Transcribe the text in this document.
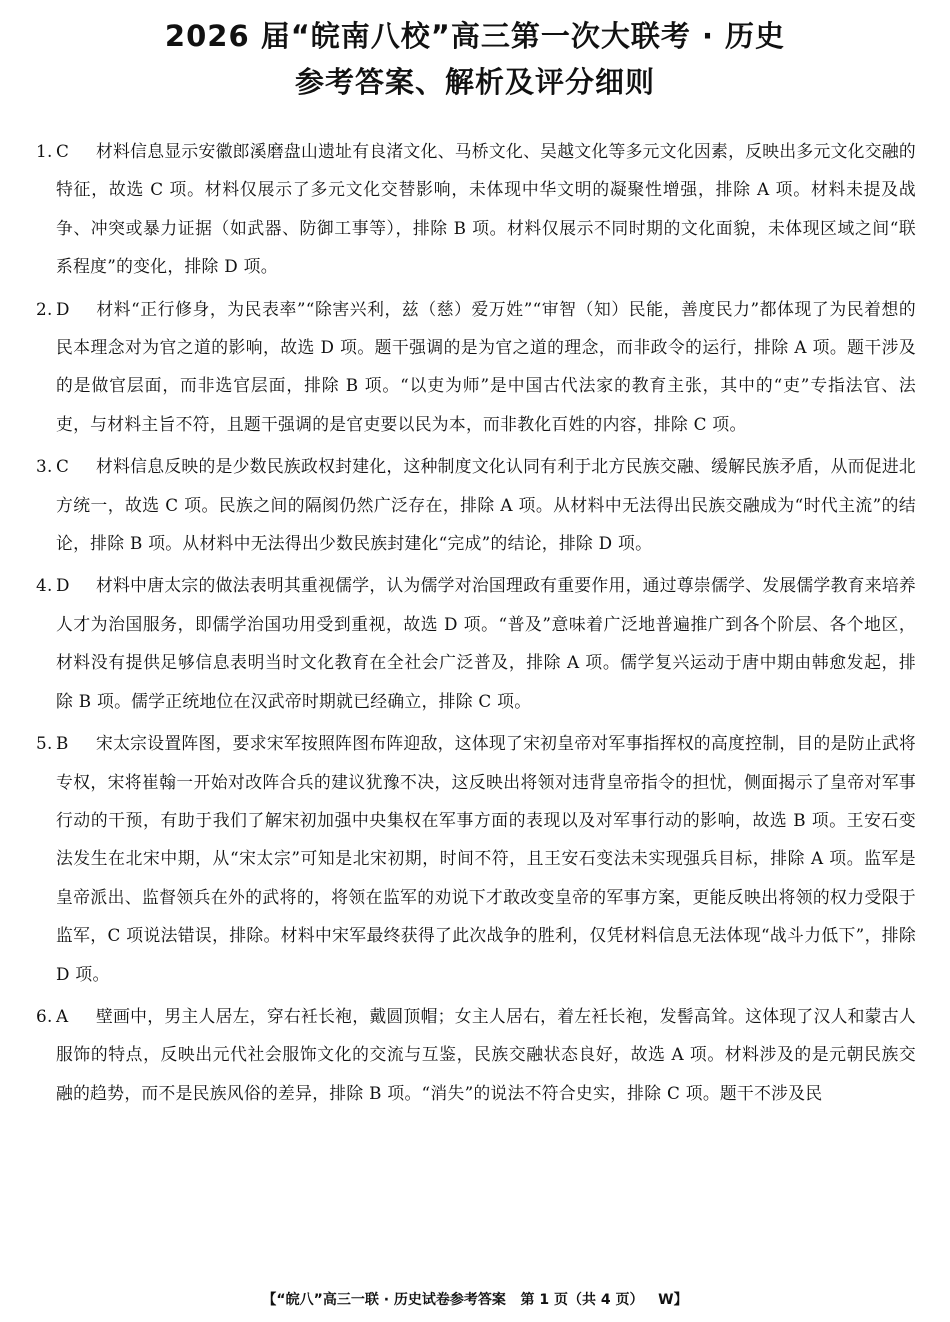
2026 届“皖南八校”高三第一次大联考 · 历史
参考答案、解析及评分细则
1. C 材料信息显示安徽郎溪磨盘山遗址有良渚文化、马桥文化、吴越文化等多元文化因素，反映出多元文化交融的特征，故选 C 项。材料仅展示了多元文化交替影响，未体现中华文明的凝聚性增强，排除 A 项。材料未提及战争、冲突或暴力证据（如武器、防御工事等），排除 B 项。材料仅展示不同时期的文化面貌，未体现区域之间“联系程度”的变化，排除 D 项。
2. D 材料“正行修身，为民表率”“除害兴利，兹（慈）爱万姓”“审智（知）民能，善度民力”都体现了为民着想的民本理念对为官之道的影响，故选 D 项。题干强调的是为官之道的理念，而非政令的运行，排除 A 项。题干涉及的是做官层面，而非选官层面，排除 B 项。“以吏为师”是中国古代法家的教育主张，其中的“吏”专指法官、法吏，与材料主旨不符，且题干强调的是官吏要以民为本，而非教化百姓的内容，排除 C 项。
3. C 材料信息反映的是少数民族政权封建化，这种制度文化认同有利于北方民族交融、缓解民族矛盾，从而促进北方统一，故选 C 项。民族之间的隔阂仍然广泛存在，排除 A 项。从材料中无法得出民族交融成为“时代主流”的结论，排除 B 项。从材料中无法得出少数民族封建化“完成”的结论，排除 D 项。
4. D 材料中唐太宗的做法表明其重视儒学，认为儒学对治国理政有重要作用，通过尊崇儒学、发展儒学教育来培养人才为治国服务，即儒学治国功用受到重视，故选 D 项。“普及”意味着广泛地普遍推广到各个阶层、各个地区，材料没有提供足够信息表明当时文化教育在全社会广泛普及，排除 A 项。儒学复兴运动于唐中期由韩愈发起，排除 B 项。儒学正统地位在汉武帝时期就已经确立，排除 C 项。
5. B 宋太宗设置阵图，要求宋军按照阵图布阵迎敌，这体现了宋初皇帝对军事指挥权的高度控制，目的是防止武将专权，宋将崔翰一开始对改阵合兵的建议犹豫不决，这反映出将领对违背皇帝指令的担忧，侧面揭示了皇帝对军事行动的干预，有助于我们了解宋初加强中央集权在军事方面的表现以及对军事行动的影响，故选 B 项。王安石变法发生在北宋中期，从“宋太宗”可知是北宋初期，时间不符，且王安石变法未实现强兵目标，排除 A 项。监军是皇帝派出、监督领兵在外的武将的，将领在监军的劝说下才敢改变皇帝的军事方案，更能反映出将领的权力受限于监军，C 项说法错误，排除。材料中宋军最终获得了此次战争的胜利，仅凭材料信息无法体现“战斗力低下”，排除 D 项。
6. A 壁画中，男主人居左，穿右衽长袍，戴圆顶帽；女主人居右，着左衽长袍，发髻高耸。这体现了汉人和蒙古人服饰的特点，反映出元代社会服饰文化的交流与互鉴，民族交融状态良好，故选 A 项。材料涉及的是元朝民族交融的趋势，而不是民族风俗的差异，排除 B 项。“消失”的说法不符合史实，排除 C 项。题干不涉及民
【“皖八”高三一联 · 历史试卷参考答案 第 1 页（共 4 页） W】
